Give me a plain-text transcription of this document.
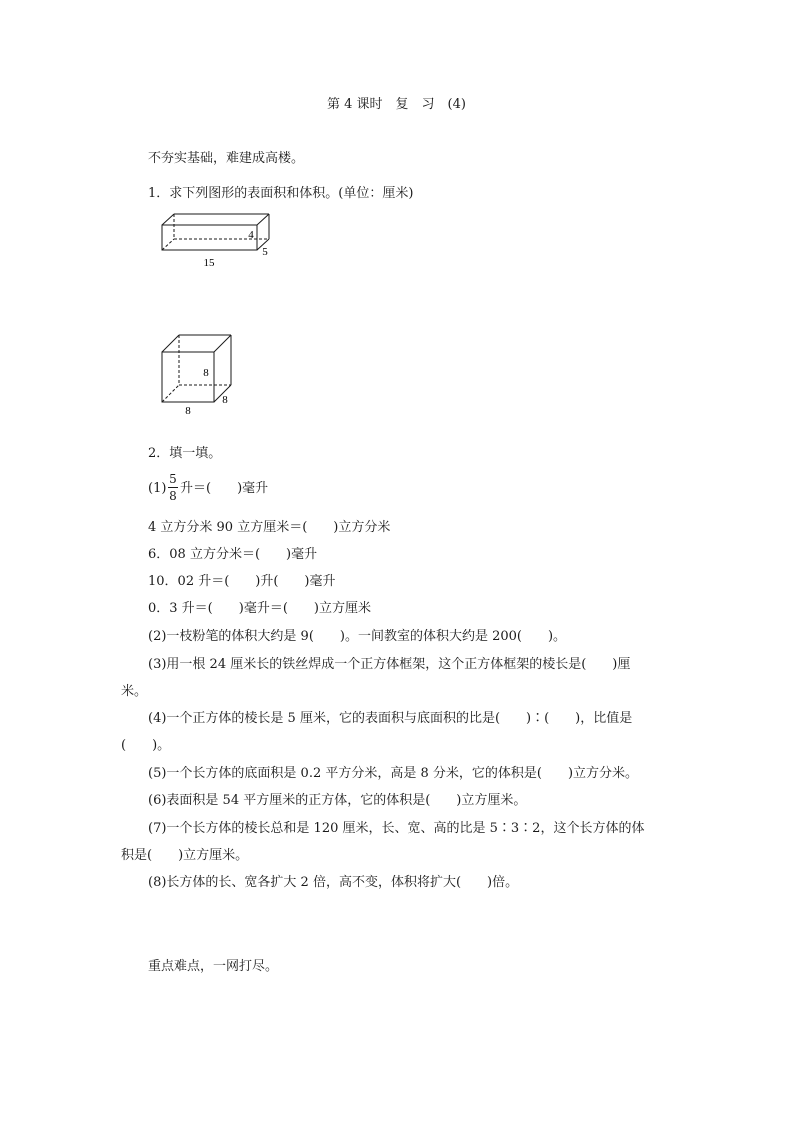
第 4 课时　复　习　(4)
不夯实基础，难建成高楼。
1．求下列图形的表面积和体积。(单位：厘米)
15
4
5
8
8
8
2．填一填。
(1)
5
8 升＝(　　)毫升
4 立方分米 90 立方厘米＝(　　)立方分米
6．08 立方分米＝(　　)毫升
10．02 升＝(　　)升(　　)毫升
0．3 升＝(　　)毫升＝(　　)立方厘米
(2)一枝粉笔的体积大约是 9(　　)。一间教室的体积大约是 200(　　)。
(3)用一根 24 厘米长的铁丝焊成一个正方体框架，这个正方体框架的棱长是(　　)厘
米。
(4)一个正方体的棱长是 5 厘米，它的表面积与底面积的比是(　　)∶(　　)，比值是
(　　)。
(5)一个长方体的底面积是 0.2 平方分米，高是 8 分米，它的体积是(　　)立方分米。
(6)表面积是 54 平方厘米的正方体，它的体积是(　　)立方厘米。
(7)一个长方体的棱长总和是 120 厘米，长、宽、高的比是 5∶3∶2，这个长方体的体
积是(　　)立方厘米。
(8)长方体的长、宽各扩大 2 倍，高不变，体积将扩大(　　)倍。
重点难点，一网打尽。
